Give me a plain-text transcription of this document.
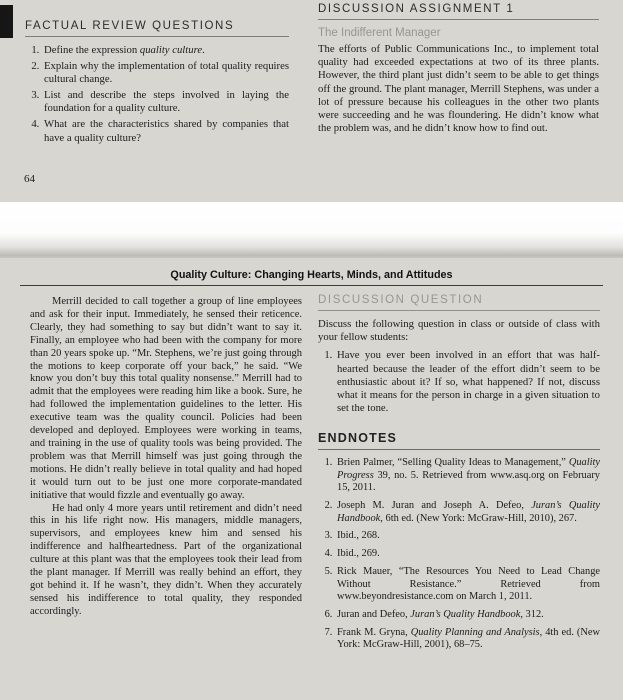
FACTUAL REVIEW QUESTIONS
1. Define the expression quality culture.
2. Explain why the implementation of total quality requires cultural change.
3. List and describe the steps involved in laying the foundation for a quality culture.
4. What are the characteristics shared by companies that have a quality culture?
64
DISCUSSION ASSIGNMENT 1
The Indifferent Manager

The efforts of Public Communications Inc., to implement total quality had exceeded expectations at two of its three plants. However, the third plant just didn’t seem to be able to get things off the ground. The plant manager, Merrill Stephens, was under a lot of pressure because his colleagues in the other two plants were succeeding and he was floundering. He didn’t know what the problem was, and he didn’t know how to find out.

Quality Culture: Changing Hearts, Minds, and Attitudes

Merrill decided to call together a group of line employees and ask for their input. Immediately, he sensed their reticence. Clearly, they had something to say but didn’t want to say it. Finally, an employee who had been with the company for more than 20 years spoke up. “Mr. Stephens, we’re just going through the motions to keep corporate off your back,” he said. “We know you don’t buy this total quality nonsense.” Merrill had to admit that the employees were reading him like a book. Sure, he had followed the implementation guidelines to the letter. His executive team was the quality council. Policies had been developed and deployed. Employees were working in teams, and training in the use of quality tools was being provided. The problem was that Merrill himself was just going through the motions. He didn’t really believe in total quality and had hoped it would turn out to be just one more corporate-mandated initiative that would fizzle and eventually go away.

He had only 4 more years until retirement and didn’t need this in his life right now. His managers, middle managers, supervisors, and employees knew him and sensed his indifference and halfheartedness. Part of the organizational culture at this plant was that the employees took their lead from the plant manager. If Merrill was really behind an effort, they got behind it. If he wasn’t, they didn’t. When they accurately sensed his indifference to total quality, they responded accordingly.

DISCUSSION QUESTION

Discuss the following question in class or outside of class with your fellow students:

1. Have you ever been involved in an effort that was half-hearted because the leader of the effort didn’t seem to be enthusiastic about it? If so, what happened? If not, discuss what it means for the person in charge in a given situation to set the tone.
ENDNOTES
1. Brien Palmer, “Selling Quality Ideas to Management,” Quality Progress 39, no. 5. Retrieved from www.asq.org on February 15, 2011.
2. Joseph M. Juran and Joseph A. Defeo, Juran’s Quality Handbook, 6th ed. (New York: McGraw-Hill, 2010), 267.
3. Ibid., 268.
4. Ibid., 269.
5. Rick Mauer, “The Resources You Need to Lead Change Without Resistance.” Retrieved from www.beyondresistance.com on March 1, 2011.
6. Juran and Defeo, Juran’s Quality Handbook, 312.
7. Frank M. Gryna, Quality Planning and Analysis, 4th ed. (New York: McGraw-Hill, 2001), 68–75.
